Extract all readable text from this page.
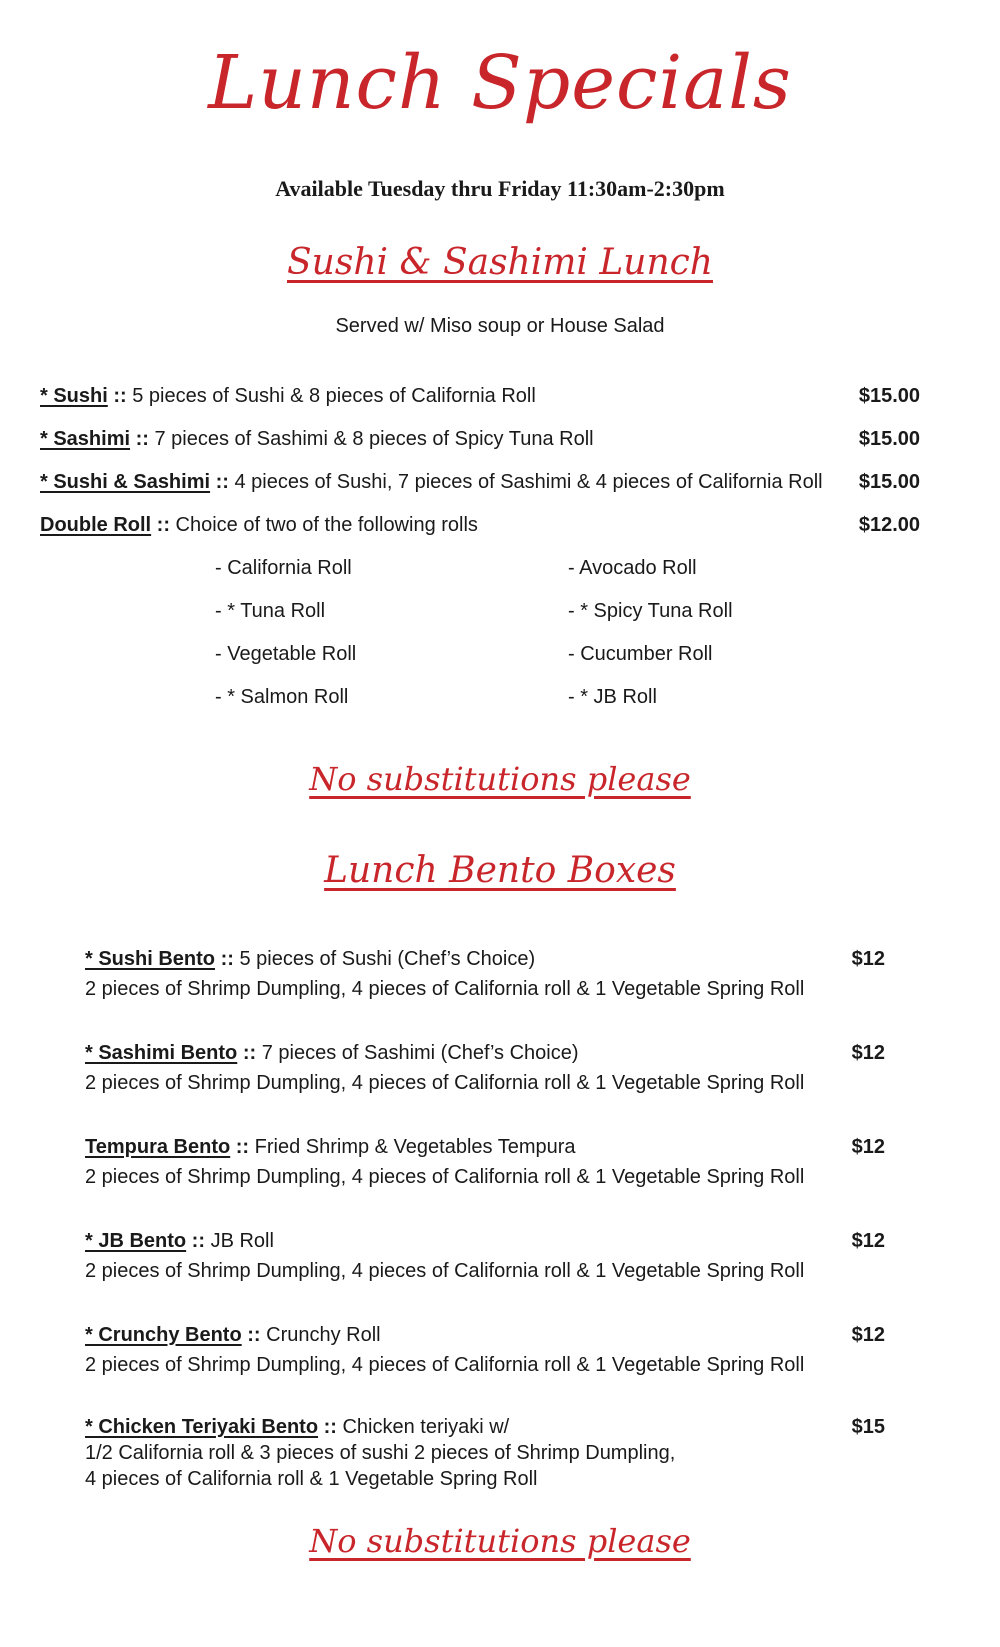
Lunch Specials
Available Tuesday thru Friday 11:30am-2:30pm
Sushi & Sashimi Lunch
Served w/ Miso soup or House Salad
* Sushi :: 5 pieces of Sushi & 8 pieces of California Roll	$15.00
* Sashimi :: 7 pieces of Sashimi & 8 pieces of Spicy Tuna Roll	$15.00
* Sushi & Sashimi :: 4 pieces of Sushi, 7 pieces of Sashimi & 4 pieces of California Roll $15.00
Double Roll :: Choice of two of the following rolls	$12.00
- California Roll	- Avocado Roll
- * Tuna Roll	- * Spicy Tuna Roll
- Vegetable Roll	- Cucumber Roll
- * Salmon Roll	- * JB Roll
No substitutions please
Lunch Bento Boxes
* Sushi Bento :: 5 pieces of Sushi (Chef’s Choice)	$12
2 pieces of Shrimp Dumpling, 4 pieces of California roll & 1 Vegetable Spring Roll
* Sashimi Bento :: 7 pieces of Sashimi (Chef’s Choice)	$12
2 pieces of Shrimp Dumpling, 4 pieces of California roll & 1 Vegetable Spring Roll
Tempura Bento :: Fried Shrimp & Vegetables Tempura	$12
2 pieces of Shrimp Dumpling, 4 pieces of California roll & 1 Vegetable Spring Roll
* JB Bento :: JB Roll	$12
2 pieces of Shrimp Dumpling, 4 pieces of California roll & 1 Vegetable Spring Roll
* Crunchy Bento :: Crunchy Roll	$12
2 pieces of Shrimp Dumpling, 4 pieces of California roll & 1 Vegetable Spring Roll
* Chicken Teriyaki Bento :: Chicken teriyaki w/	$15
1/2 California roll & 3 pieces of sushi 2 pieces of Shrimp Dumpling,
4 pieces of California roll & 1 Vegetable Spring Roll
No substitutions please
